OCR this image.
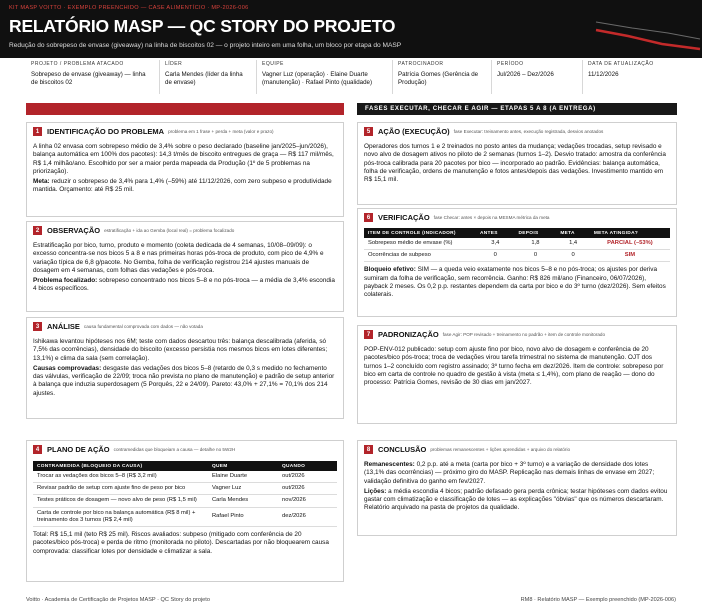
KIT MASP VOITTO · EXEMPLO PREENCHIDO — CASE ALIMENTÍCIO · MP-2026-006
RELATÓRIO MASP — QC STORY DO PROJETO
Redução do sobrepeso de envase (giveaway) na linha de biscoitos 02 — o projeto inteiro em uma folha, um bloco por etapa do MASP
PROJETO / PROBLEMA ATACADO
Sobrepeso de envase (giveaway) — linha de biscoitos 02
LÍDER
Carla Mendes (líder da linha de envase)
EQUIPE
Vagner Luz (operação) · Elaine Duarte (manutenção) · Rafael Pinto (qualidade)
PATROCINADOR
Patrícia Gomes (Gerência de Produção)
PERÍODO
Jul/2026 – Dez/2026
DATA DE ATUALIZAÇÃO
11/12/2026
FASE PLANEJAR — ETAPAS 1 A 4 (A MAIOR PARTE DO TRABALHO)	FASES EXECUTAR, CHECAR E AGIR — ETAPAS 5 A 8 (A ENTREGA)
1	IDENTIFICAÇÃO DO PROBLEMA problema em 1 frase + perda + meta (valor e prazo)

A linha 02 envasa com sobrepeso médio de 3,4% sobre o peso declarado (baseline jan/2025–jun/2026), balança automática em 100% dos pacotes): 14,3 t/mês de biscoito entregues de graça — R$ 117 mil/mês, R$ 1,4 milhão/ano. Escolhido por ser a maior perda mapeada da Produção (1º de 5 problemas na priorização).

Meta: reduzir o sobrepeso de 3,4% para 1,4% (–59%) até 11/12/2026, com zero subpeso e produtividade mantida. Orçamento: até R$ 25 mil.

2	OBSERVAÇÃO estratificação + ida ao Gemba (local real) = problema focalizado

Estratificação por bico, turno, produto e momento (coleta dedicada de 4 semanas, 10/08–09/09): o excesso concentra-se nos bicos 5 a 8 e nas primeiras horas pós-troca de produto, com pico de 4,9% e variação típica de 6,8 g/pacote. No Gemba, folha de verificação registrou 214 ajustes manuais de dosagem em 4 semanas, com folhas das vedações e pós-troca.

Problema focalizado: sobrepeso concentrado nos bicos 5–8 e no pós-troca — a média de 3,4% escondia 4 bicos específicos.

3	ANÁLISE causa fundamental comprovada com dados — não votada

Ishikawa levantou hipóteses nos 6M; teste com dados descartou três: balança descalibrada (aferida, só 7,5% das ocorrências), densidade do biscoito (excesso persistia nos mesmos bicos em lotes diferentes; 13,1%) e clima da sala (sem correlação).

Causas comprovadas: desgaste das vedações dos bicos 5–8 (retardo de 0,3 s medido no fechamento das válvulas, verificação de 22/09; troca não prevista no plano de manutenção) e padrão de setup anterior à balança que induzia superdosagem (5 Porquês, 22 e 24/09). Pareto: 43,0% + 27,1% = 70,1% dos 214 ajustes.

4	PLANO DE AÇÃO contramedidas que bloqueiam a causa — detalhe no 5W2H
CONTRAMEDIDA (BLOQUEIO DA CAUSA)	QUEM	QUANDO
Trocar as vedações dos bicos 5–8 (R$ 3,2 mil)	Elaine Duarte	out/2026
Revisar padrão de setup com ajuste fino de peso por bico	Vagner Luz	out/2026
Testes práticos de dosagem — novo alvo de peso (R$ 1,5 mil)	Carla Mendes	nov/2026
Carta de controle por bico na balança automática (R$ 8 mil) + treinamento dos 3 turnos (R$ 2,4 mil)	Rafael Pinto	dez/2026

Total: R$ 15,1 mil (teto R$ 25 mil). Riscos avaliados: subpeso (mitigado com conferência de 20 pacotes/bico pós-troca) e perda de ritmo (monitorada no piloto). Descartadas por não bloquearem causa comprovada: classificar lotes por densidade e climatizar a sala.

5	AÇÃO (EXECUÇÃO) fase Executar: treinamento antes, execução registrada, desvios anotados

Operadores dos turnos 1 e 2 treinados no posto antes da mudança; vedações trocadas, setup revisado e novo alvo de dosagem ativos no piloto de 2 semanas (turnos 1–2). Desvio tratado: amostra da conferência pós-troca calibrada para 20 pacotes por bico — incorporado ao padrão. Evidências: balança automática, folha de verificação, ordens de manutenção e fotos antes/depois das vedações. Investimento mantido em R$ 15,1 mil.

6	VERIFICAÇÃO fase Checar: antes × depois na MESMA métrica da meta
ITEM DE CONTROLE (INDICADOR)	ANTES	DEPOIS	META	META ATINGIDA?
Sobrepeso médio de envase (%)	3,4	1,8	1,4	PARCIAL (–53%)
Ocorrências de subpeso	0	0	0	SIM

Bloqueio efetivo: SIM — a queda veio exatamente nos bicos 5–8 e no pós-troca; os ajustes por deriva sumiram da folha de verificação, sem recorrência. Ganho: R$ 826 mil/ano (Financeiro, 06/07/2026), payback 2 meses. Os 0,2 p.p. restantes dependem da carta por bico e do 3º turno (dez/2026). Sem efeitos colaterais.

7	PADRONIZAÇÃO fase Agir: POP revisado + treinamento no padrão + item de controle monitorado

POP-ENV-012 publicado: setup com ajuste fino por bico, novo alvo de dosagem e conferência de 20 pacotes/bico pós-troca; troca de vedações virou tarefa trimestral no sistema de manutenção. OJT dos turnos 1–2 concluído com registro assinado; 3º turno fecha em dez/2026. Item de controle: sobrepeso por bico em carta de controle no quadro de gestão à vista (meta ≤ 1,4%), com plano de reação — dono do processo: Patrícia Gomes, revisão de 30 dias em jan/2027.

8	CONCLUSÃO problemas remanescentes + lições aprendidas + arquivo do relatório

Remanescentes: 0,2 p.p. até a meta (carta por bico + 3º turno) e a variação de densidade dos lotes (13,1% das ocorrências) — próximo giro do MASP. Replicação nas demais linhas de envase em 2027; validação definitiva do ganho em fev/2027.

Lições: a média escondia 4 bicos; padrão defasado gera perda crônica; testar hipóteses com dados evitou gastar com climatização e classificação de lotes — as explicações "óbvias" que os números descartaram. Relatório arquivado na pasta de projetos da qualidade.

Voitto · Academia de Certificação de Projetos MASP · QC Story do projeto	RM8 · Relatório MASP — Exemplo preenchido (MP-2026-006)
